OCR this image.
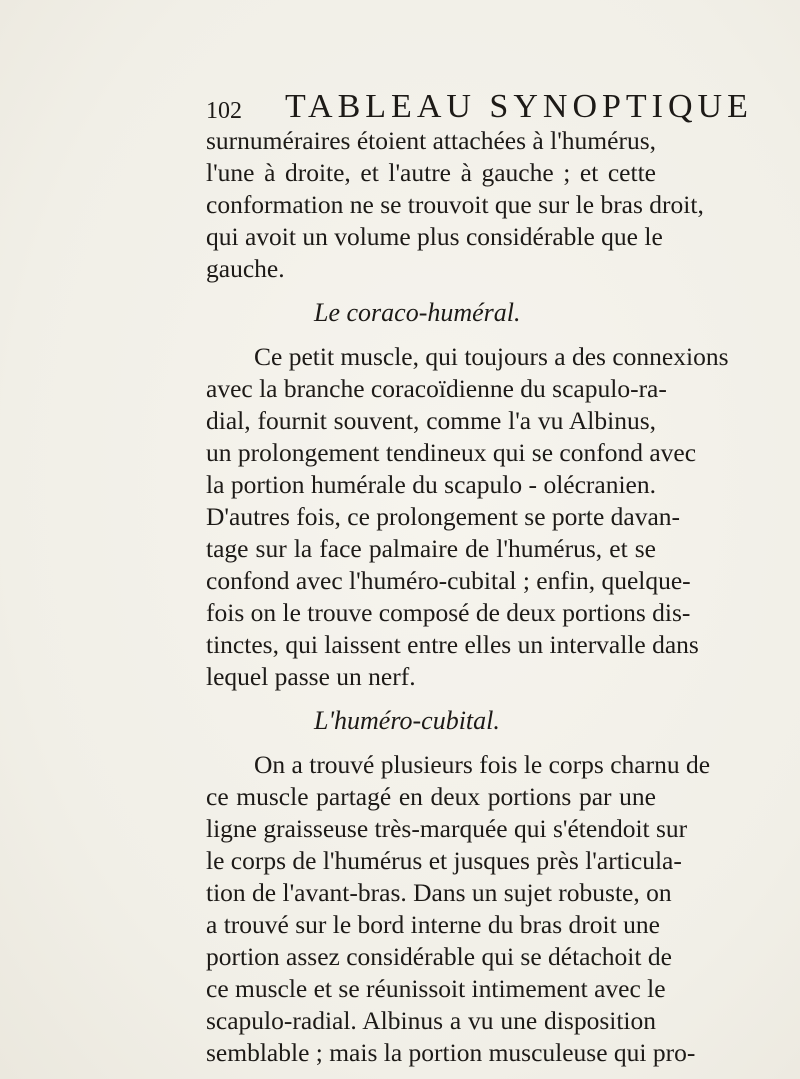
102 TABLEAU SYNOPTIQUE
surnuméraires étoient attachées à l'humérus,
l'une à droite, et l'autre à gauche ; et cette
conformation ne se trouvoit que sur le bras droit,
qui avoit un volume plus considérable que le
gauche.
Le coraco-huméral.
Ce petit muscle, qui toujours a des connexions
avec la branche coracoïdienne du scapulo-ra-
dial, fournit souvent, comme l'a vu Albinus,
un prolongement tendineux qui se confond avec
la portion humérale du scapulo - olécranien.
D'autres fois, ce prolongement se porte davan-
tage sur la face palmaire de l'humérus, et se
confond avec l'huméro-cubital ; enfin, quelque-
fois on le trouve composé de deux portions dis-
tinctes, qui laissent entre elles un intervalle dans
lequel passe un nerf.
L'huméro-cubital.
On a trouvé plusieurs fois le corps charnu de
ce muscle partagé en deux portions par une
ligne graisseuse très-marquée qui s'étendoit sur
le corps de l'humérus et jusques près l'articula-
tion de l'avant-bras. Dans un sujet robuste, on
a trouvé sur le bord interne du bras droit une
portion assez considérable qui se détachoit de
ce muscle et se réunissoit intimement avec le
scapulo-radial. Albinus a vu une disposition
semblable ; mais la portion musculeuse qui pro-
